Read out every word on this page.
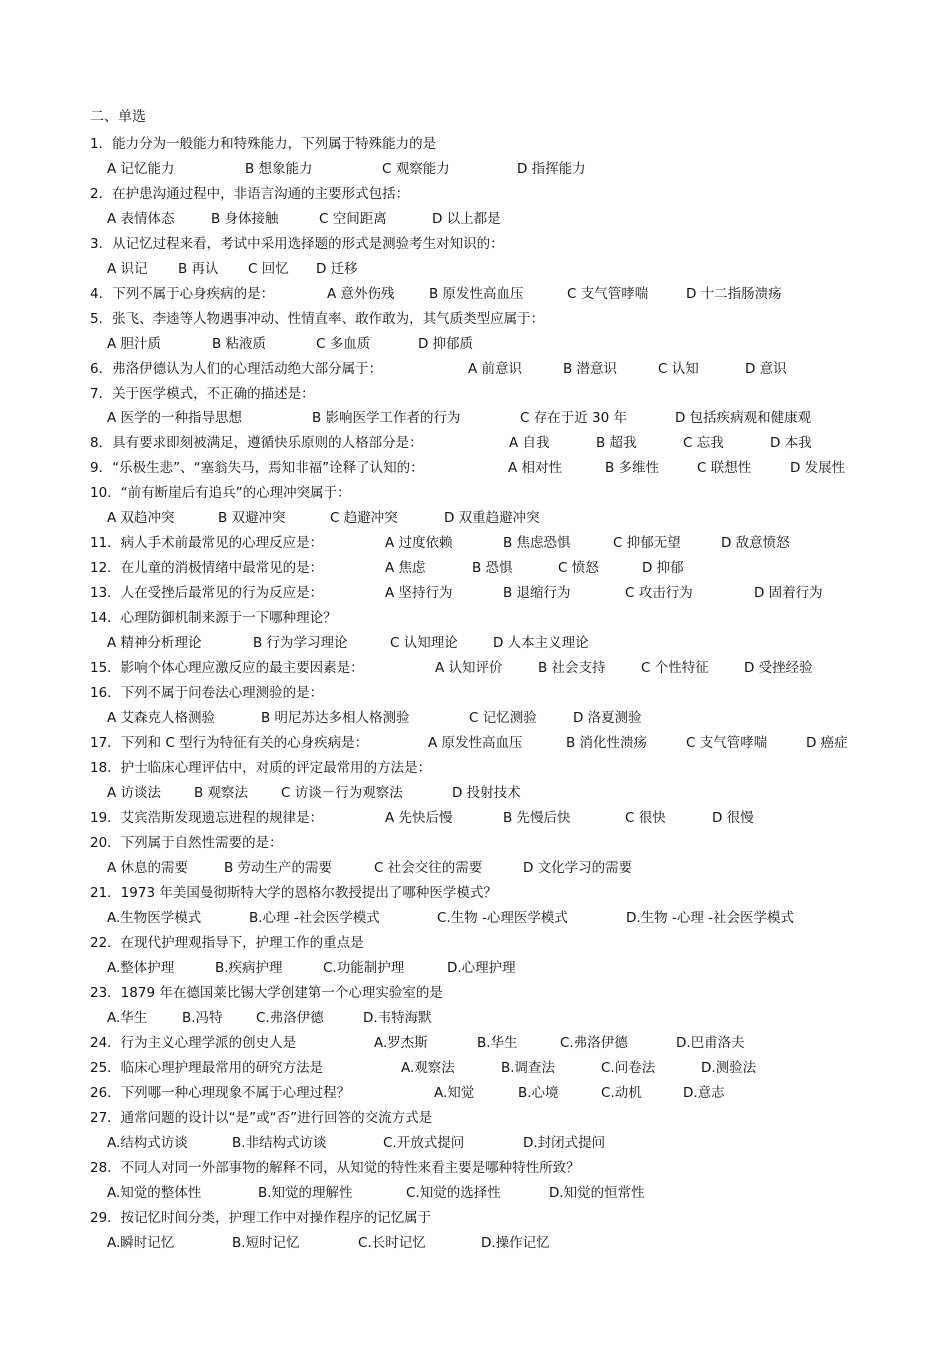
二、单选
1．能力分为一般能力和特殊能力，下列属于特殊能力的是
A 记忆能力	B 想象能力	C 观察能力	D 指挥能力
2．在护患沟通过程中，非语言沟通的主要形式包括：
A 表情体态	B 身体接触	C 空间距离	D 以上都是
3．从记忆过程来看，考试中采用选择题的形式是测验考生对知识的：
A 识记 B 再认 C 回忆 D 迁移
4．下列不属于心身疾病的是：	A 意外伤残	B 原发性高血压	C 支气管哮喘	D 十二指肠溃疡
5．张飞、李逵等人物遇事冲动、性情直率、敢作敢为，其气质类型应属于：
A 胆汁质	B 粘液质	C 多血质	D 抑郁质
6．弗洛伊德认为人们的心理活动绝大部分属于：	A 前意识	B 潜意识	C 认知	D 意识
7．关于医学模式，不正确的描述是：
A 医学的一种指导思想	B 影响医学工作者的行为	C 存在于近 30 年	D 包括疾病观和健康观
8．具有要求即刻被满足，遵循快乐原则的人格部分是：	A 自我	B 超我	C 忘我	D 本我
9．“乐极生悲”、“塞翁失马，焉知非福”诠释了认知的：	A 相对性	B 多维性	C 联想性	D 发展性
10．“前有断崖后有追兵”的心理冲突属于：
A 双趋冲突	B 双避冲突	C 趋避冲突	D 双重趋避冲突
11．病人手术前最常见的心理反应是：	A 过度依赖	B 焦虑恐惧	C 抑郁无望	D 敌意愤怒
12．在儿童的消极情绪中最常见的是：	A 焦虑	B 恐惧	C 愤怒	D 抑郁
13．人在受挫后最常见的行为反应是：	A 坚持行为	B 退缩行为	C 攻击行为	D 固着行为
14．心理防御机制来源于一下哪种理论？
A 精神分析理论	B 行为学习理论	C 认知理论	D 人本主义理论
15．影响个体心理应激反应的最主要因素是：	A 认知评价	B 社会支持	C 个性特征	D 受挫经验
16．下列不属于问卷法心理测验的是：
A 艾森克人格测验	B 明尼苏达多相人格测验	C 记忆测验	D 洛夏测验
17．下列和 C 型行为特征有关的心身疾病是：	A 原发性高血压	B 消化性溃疡	C 支气管哮喘	D 癌症
18．护士临床心理评估中，对质的评定最常用的方法是：
A 访谈法 B 观察法 C 访谈－行为观察法	D 投射技术
19．艾宾浩斯发现遗忘进程的规律是：	A 先快后慢	B 先慢后快	C 很快	D 很慢
20．下列属于自然性需要的是：
A 休息的需要	B 劳动生产的需要	C 社会交往的需要	D 文化学习的需要
21．1973 年美国曼彻斯特大学的恩格尔教授提出了哪种医学模式？
A.生物医学模式	B.心理 -社会医学模式	C.生物 -心理医学模式	D.生物 -心理 -社会医学模式
22．在现代护理观指导下，护理工作的重点是
A.整体护理	B.疾病护理	C.功能制护理	D.心理护理
23．1879 年在德国莱比锡大学创建第一个心理实验室的是
A.华生	B.冯特 C.弗洛伊德	D.韦特海默
24．行为主义心理学派的创史人是	A.罗杰斯	B.华生	C.弗洛伊德	D.巴甫洛夫
25．临床心理护理最常用的研究方法是	A.观察法	B.调查法	C.问卷法	D.测验法
26．下列哪一种心理现象不属于心理过程？	A.知觉	B.心境	C.动机	D.意志
27．通常问题的设计以“是”或“否”进行回答的交流方式是
A.结构式访谈	B.非结构式访谈	C.开放式提问	D.封闭式提问
28．不同人对同一外部事物的解释不同，从知觉的特性来看主要是哪种特性所致？
A.知觉的整体性	B.知觉的理解性	C.知觉的选择性	D.知觉的恒常性
29．按记忆时间分类，护理工作中对操作程序的记忆属于
A.瞬时记忆	B.短时记忆	C.长时记忆	D.操作记忆
